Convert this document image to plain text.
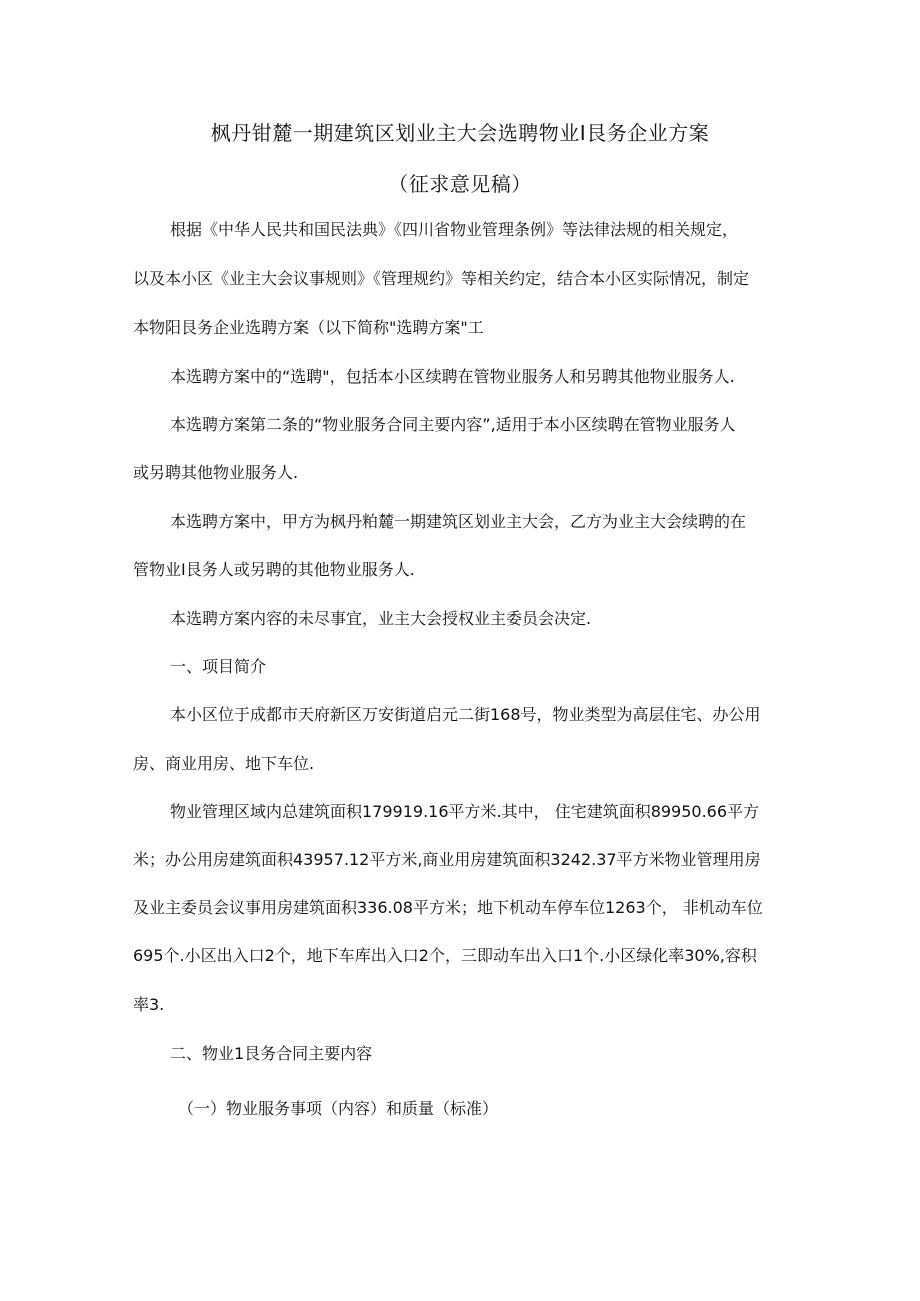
枫丹钳麓一期建筑区划业主大会选聘物业I艮务企业方案
（征求意见稿）
根据《中华人民共和国民法典》《四川省物业管理条例》等法律法规的相关规定，
以及本小区《业主大会议事规则》《管理规约》等相关约定，结合本小区实际情况，制定
本物阳艮务企业选聘方案（以下简称"选聘方案"工
本选聘方案中的“选聘"，包括本小区续聘在管物业服务人和另聘其他物业服务人.
本选聘方案第二条的“物业服务合同主要内容”,适用于本小区续聘在管物业服务人
或另聘其他物业服务人.
本选聘方案中，甲方为枫丹粕麓一期建筑区划业主大会，乙方为业主大会续聘的在
管物业I艮务人或另聘的其他物业服务人.
本选聘方案内容的未尽事宜，业主大会授权业主委员会决定.
一、项目简介
本小区位于成都市天府新区万安街道启元二街168号，物业类型为高层住宅、办公用
房、商业用房、地下车位.
物业管理区域内总建筑面积179919.16平方米.其中， 住宅建筑面积89950.66平方
米；办公用房建筑面积43957.12平方米,商业用房建筑面积3242.37平方米物业管理用房
及业主委员会议事用房建筑面积336.08平方米；地下机动车停车位1263个， 非机动车位
695个.小区出入口2个，地下车库出入口2个，三即动车出入口1个.小区绿化率30%,容积
率3.
二、物业1艮务合同主要内容
（一）物业服务事项（内容）和质量（标准）
